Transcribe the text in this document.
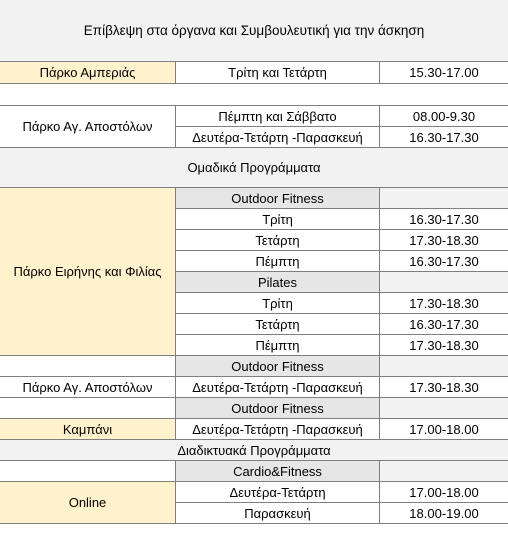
Επίβλεψη στα όργανα και Συμβουλευτική για την άσκηση
Πάρκο Αμπεριάς	Τρίτη και Τετάρτη	15.30-17.00
Πάρκο Αγ. Αποστόλων
Πέμπτη και Σάββατο	08.00-9.30
Δευτέρα-Τετάρτη -Παρασκευή	16.30-17.30
Ομαδικά Προγράμματα
Πάρκο Ειρήνης και Φιλίας
Outdoor Fitness
Τρίτη	16.30-17.30
Τετάρτη	17.30-18.30
Πέμπτη	16.30-17.30
Pilates
Τρίτη	17.30-18.30
Τετάρτη	16.30-17.30
Πέμπτη	17.30-18.30
Outdoor Fitness
Πάρκο Αγ. Αποστόλων	Δευτέρα-Τετάρτη -Παρασκευή	17.30-18.30
Outdoor Fitness
Καμπάνι	Δευτέρα-Τετάρτη -Παρασκευή	17.00-18.00
Διαδικτυακά Προγράμματα
Cardio&Fitness
Online
Δευτέρα-Τετάρτη	17.00-18.00
Παρασκευή	18.00-19.00
